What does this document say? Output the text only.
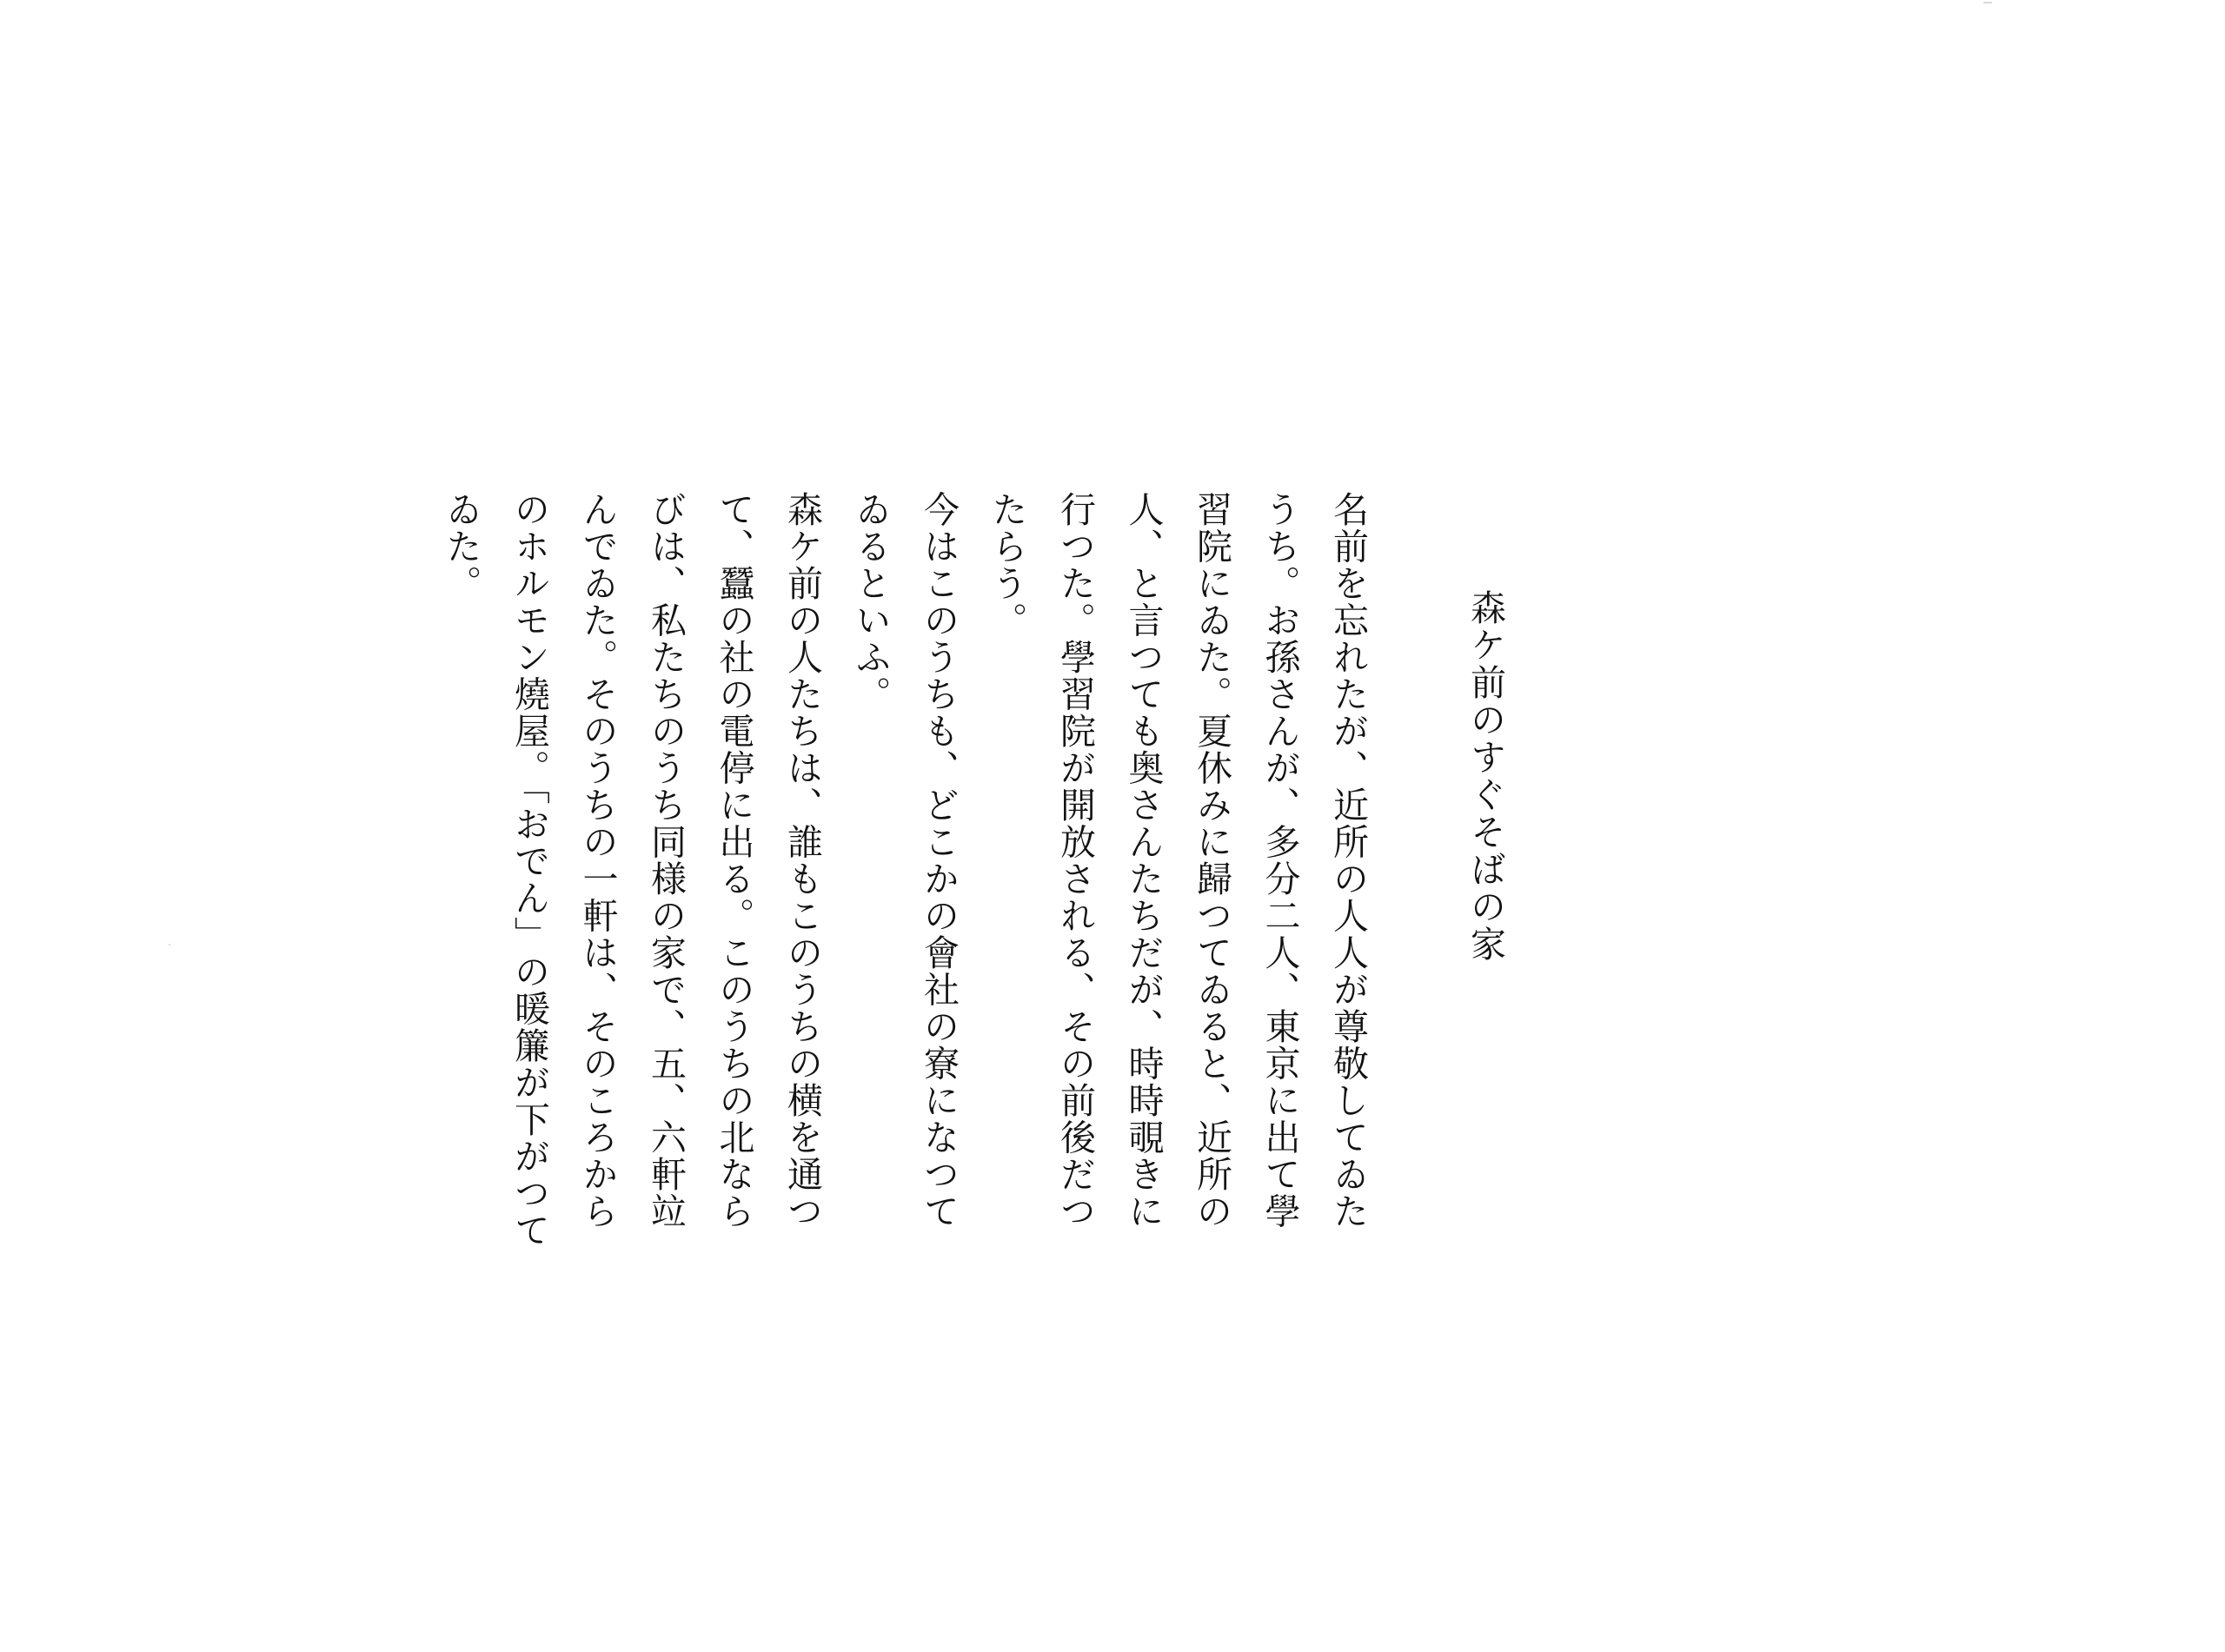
森ケ前のすぐそばの家
名前を忘れたが、近所の人人が尊敬してゐた
うち。お孫さんが、多分二人、東京に出て學
習院にゐた。夏休みに歸つてゐると、近所の
人、と言つても奥さんたちだが、時時覗きに
行つた。學習院が開放される、その前後だつ
たらう。
今はこのうちも、どこかの會社の寮になつて
ゐるといふ。
森ケ前の人たちは、誰もこのうちの横を通つ
て、蠶の社の電停に出る。このうちの北なら
びは、私たちのうち同様の家で、五、六軒竝
んでゐた。そのうちの一軒は、そのころから
のホルモン燒屋。「おでん」の暖簾が下がつて
ゐた。
